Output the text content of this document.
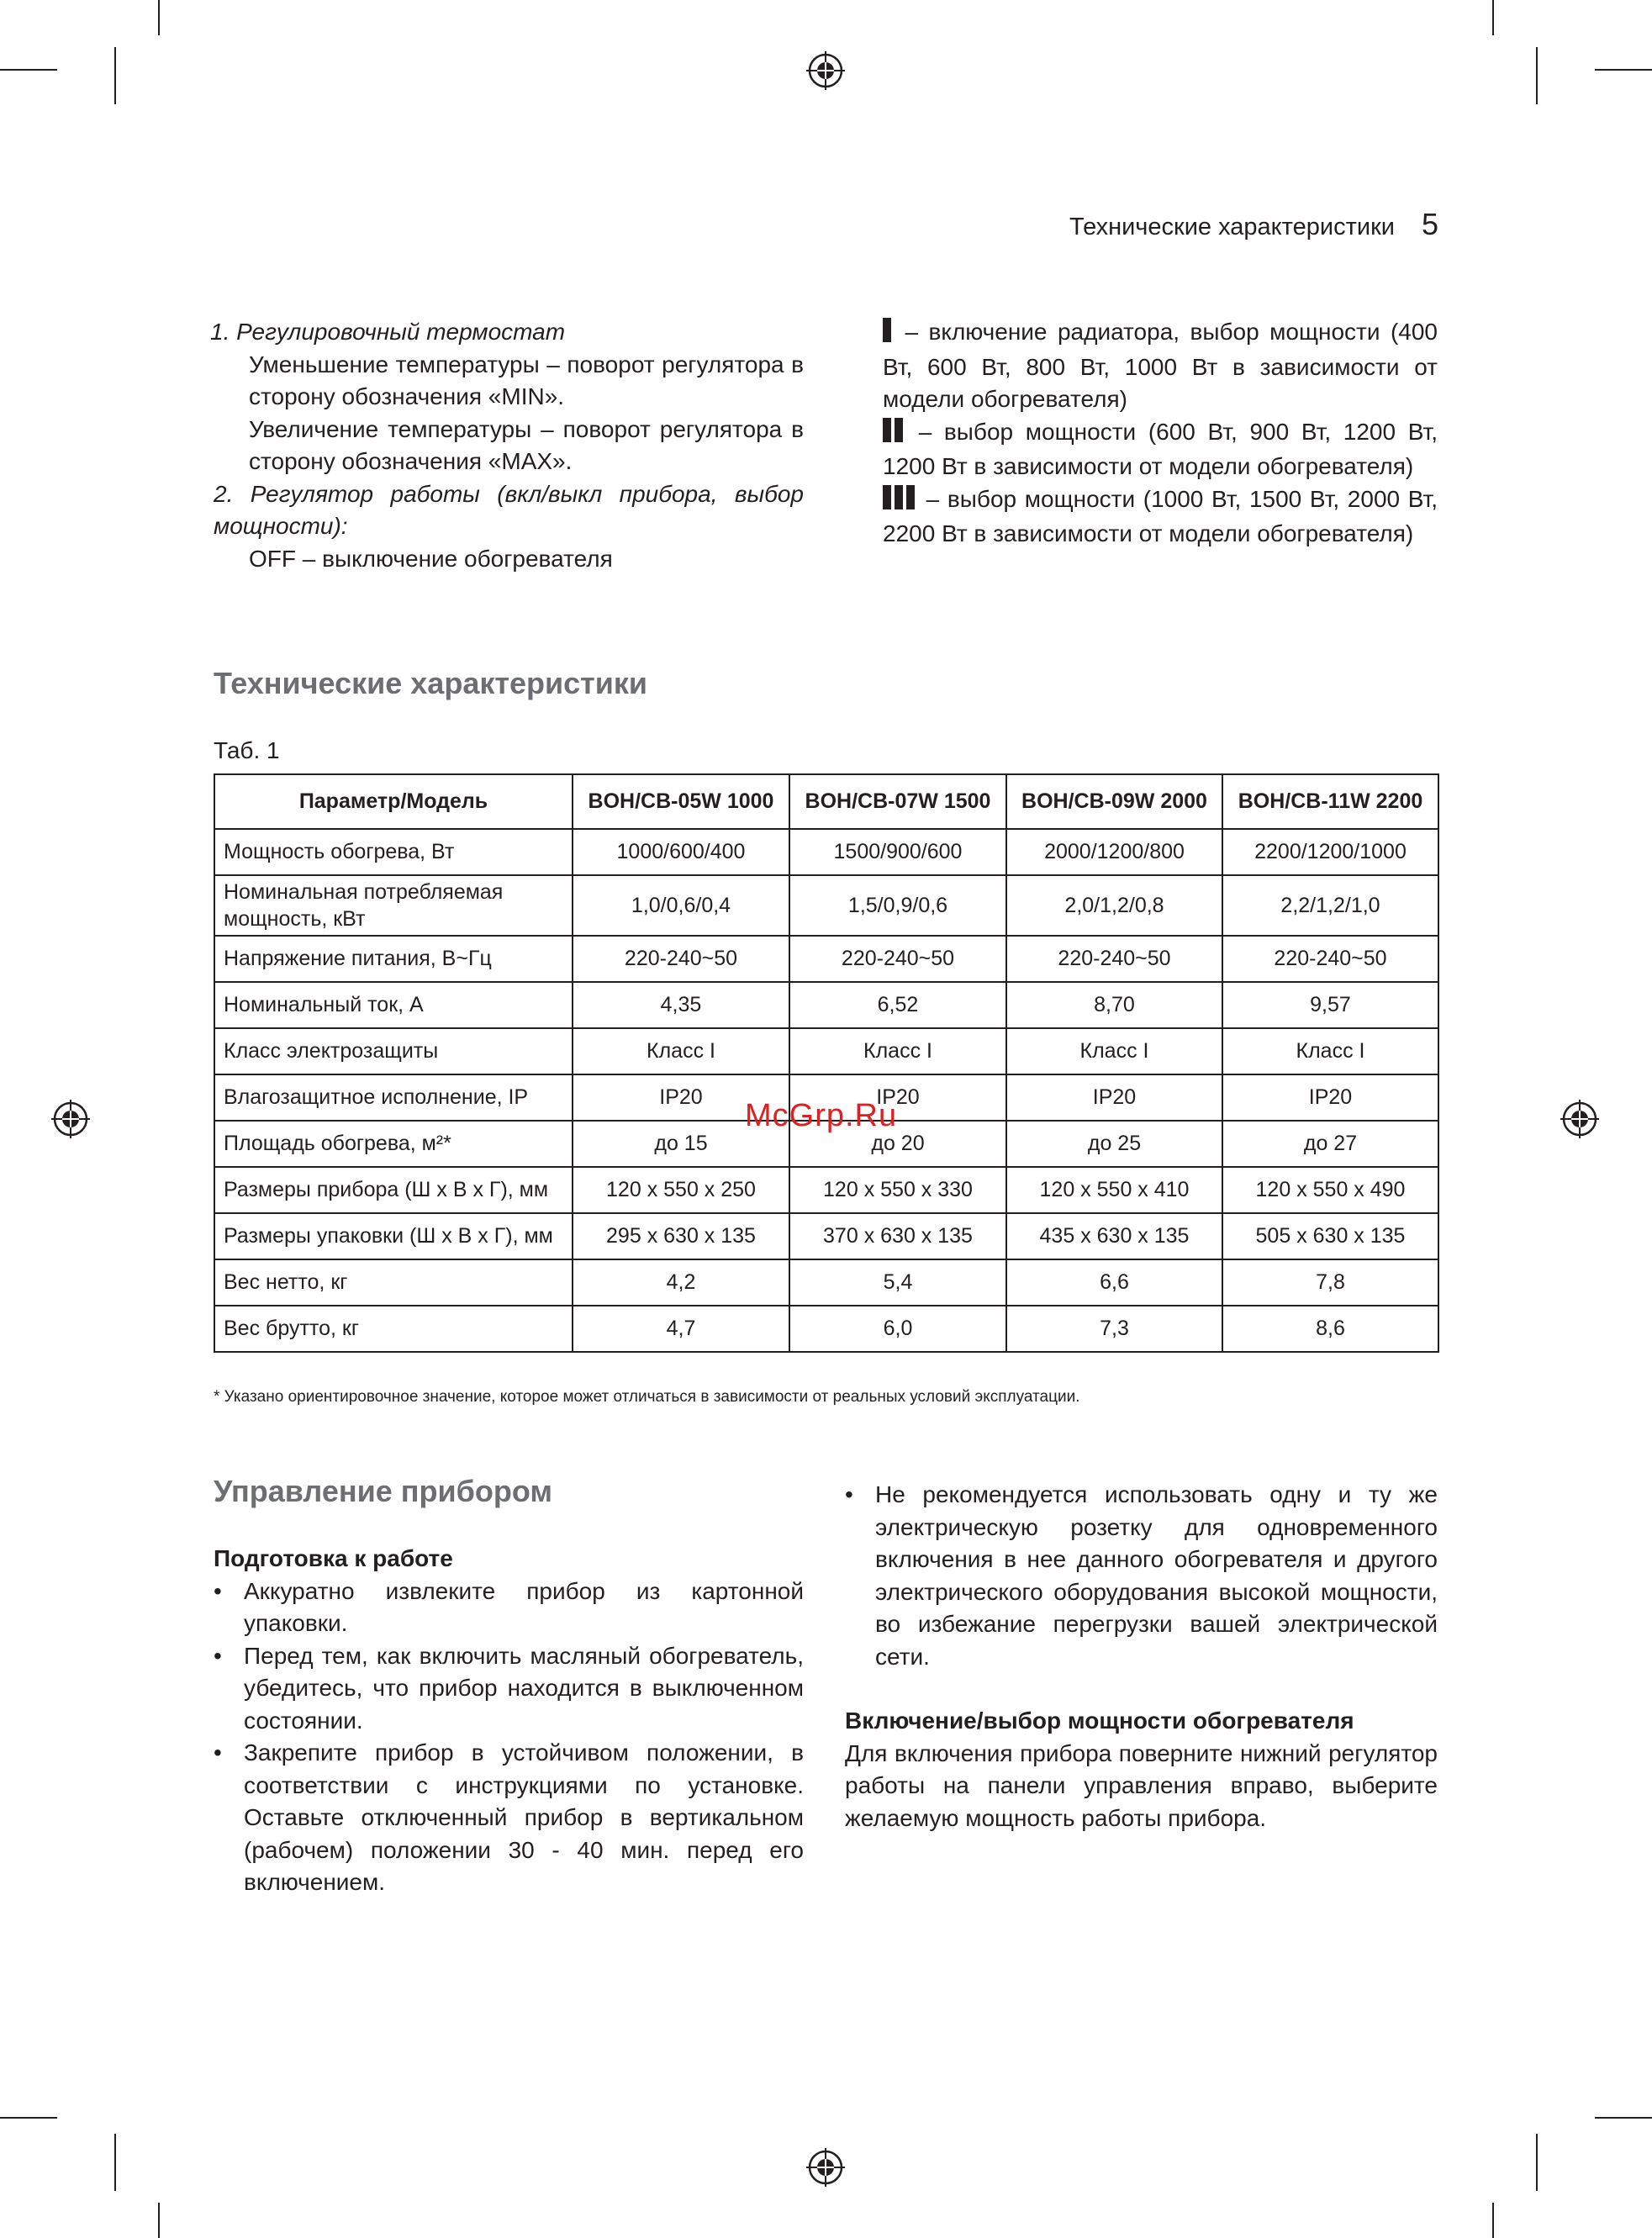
Технические характеристики 5

1. Регулировочный термостат

Уменьшение температуры – поворот регулятора в сторону обозначения «MIN».

Увеличение температуры – поворот регулятора в сторону обозначения «MAX».

2. Регулятор работы (вкл/выкл прибора, выбор мощности):

OFF – выключение обогревателя

– включение радиатора, выбор мощности (400 Вт, 600 Вт, 800 Вт, 1000 Вт в зависимости от модели обогревателя)

– выбор мощности (600 Вт, 900 Вт, 1200 Вт, 1200 Вт в зависимости от модели обогревателя)

– выбор мощности (1000 Вт, 1500 Вт, 2000 Вт, 2200 Вт в зависимости от модели обогревателя)

Технические характеристики
Таб. 1
Параметр/Модель	BOH/CB-05W 1000	BOH/CB-07W 1500	BOH/CB-09W 2000	BOH/CB-11W 2200
Мощность обогрева, Вт	1000/600/400	1500/900/600	2000/1200/800	2200/1200/1000
Номинальная потребляемая мощность, кВт	1,0/0,6/0,4	1,5/0,9/0,6	2,0/1,2/0,8	2,2/1,2/1,0
Напряжение питания, В~Гц	220-240~50	220-240~50	220-240~50	220-240~50
Номинальный ток, А	4,35	6,52	8,70	9,57
Класс электрозащиты	Класс I	Класс I	Класс I	Класс I
Влагозащитное исполнение, IP	IP20	IP20	IP20	IP20
Площадь обогрева, м²*	до 15	до 20	до 25	до 27
Размеры прибора (Ш х В х Г), мм	120 x 550 x 250	120 x 550 x 330	120 x 550 x 410	120 x 550 x 490
Размеры упаковки (Ш х В х Г), мм	295 x 630 x 135	370 x 630 x 135	435 x 630 x 135	505 x 630 x 135
Вес нетто, кг	4,2	5,4	6,6	7,8
Вес брутто, кг	4,7	6,0	7,3	8,6
McGrp.Ru
* Указано ориентировочное значение, которое может отличаться в зависимости от реальных условий эксплуатации.
Управление прибором
Подготовка к работе
• Аккуратно извлеките прибор из картонной упаковки.
• Перед тем, как включить масляный обогреватель, убедитесь, что прибор находится в выключенном состоянии.
• Закрепите прибор в устойчивом положении, в соответствии с инструкциями по установке. Оставьте отключенный прибор в вертикальном (рабочем) положении 30 - 40 мин. перед его включением.
• Не рекомендуется использовать одну и ту же электрическую розетку для одновременного включения в нее данного обогревателя и другого электрического оборудования высокой мощности, во избежание перегрузки вашей электрической сети.
Включение/выбор мощности обогревателя
Для включения прибора поверните нижний регулятор работы на панели управления вправо, выберите желаемую мощность работы прибора.
